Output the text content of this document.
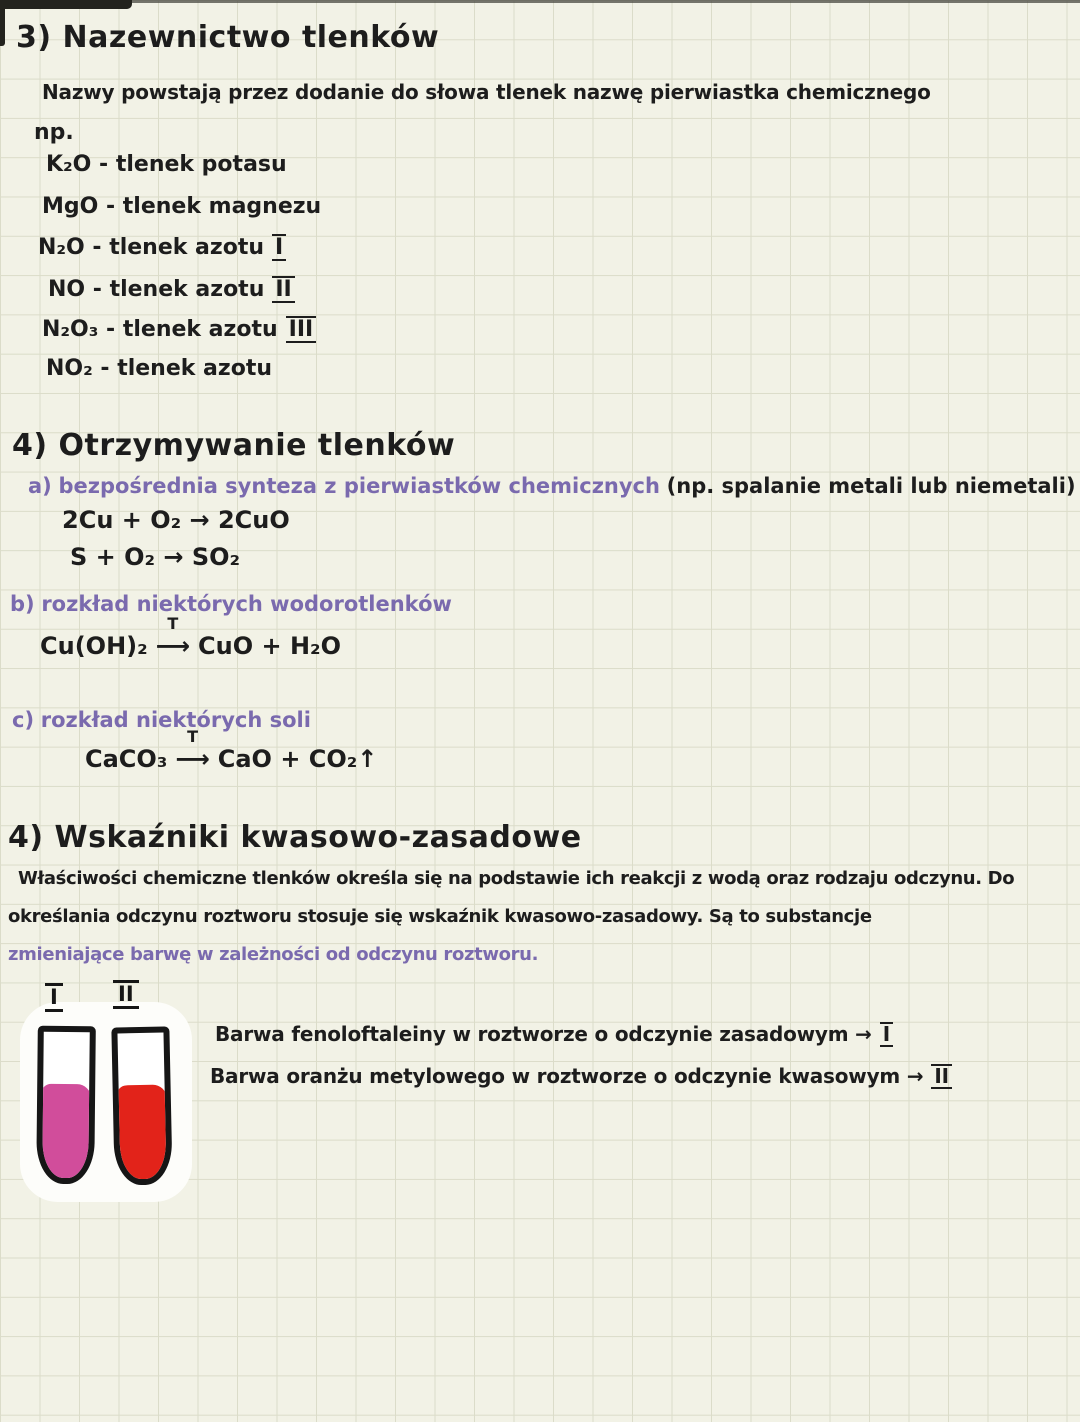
3) Nazewnictwo tlenków
Nazwy powstają przez dodanie do słowa tlenek nazwę pierwiastka chemicznego
np.
K₂O - tlenek potasu
MgO - tlenek magnezu
N₂O - tlenek azotu I
NO - tlenek azotu II
N₂O₃ - tlenek azotu III
NO₂ - tlenek azotu
4) Otrzymywanie tlenków
a) bezpośrednia synteza z pierwiastków chemicznych (np. spalanie metali lub niemetali)
2Cu + O₂ → 2CuO
S + O₂ → SO₂
b) rozkład niektórych wodorotlenków
Cu(OH)₂
T
⟶ CuO + H₂O
c) rozkład niektórych soli
CaCO₃
T
⟶ CaO + CO₂↑
4) Wskaźniki kwasowo-zasadowe
Właściwości chemiczne tlenków określa się na podstawie ich reakcji z wodą oraz rodzaju odczynu. Do
określania odczynu roztworu stosuje się wskaźnik kwasowo-zasadowy. Są to substancje
zmieniające barwę w zależności od odczynu roztworu.
I	II
Barwa fenoloftaleiny w roztworze o odczynie zasadowym → I
Barwa oranżu metylowego w roztworze o odczynie kwasowym → II
